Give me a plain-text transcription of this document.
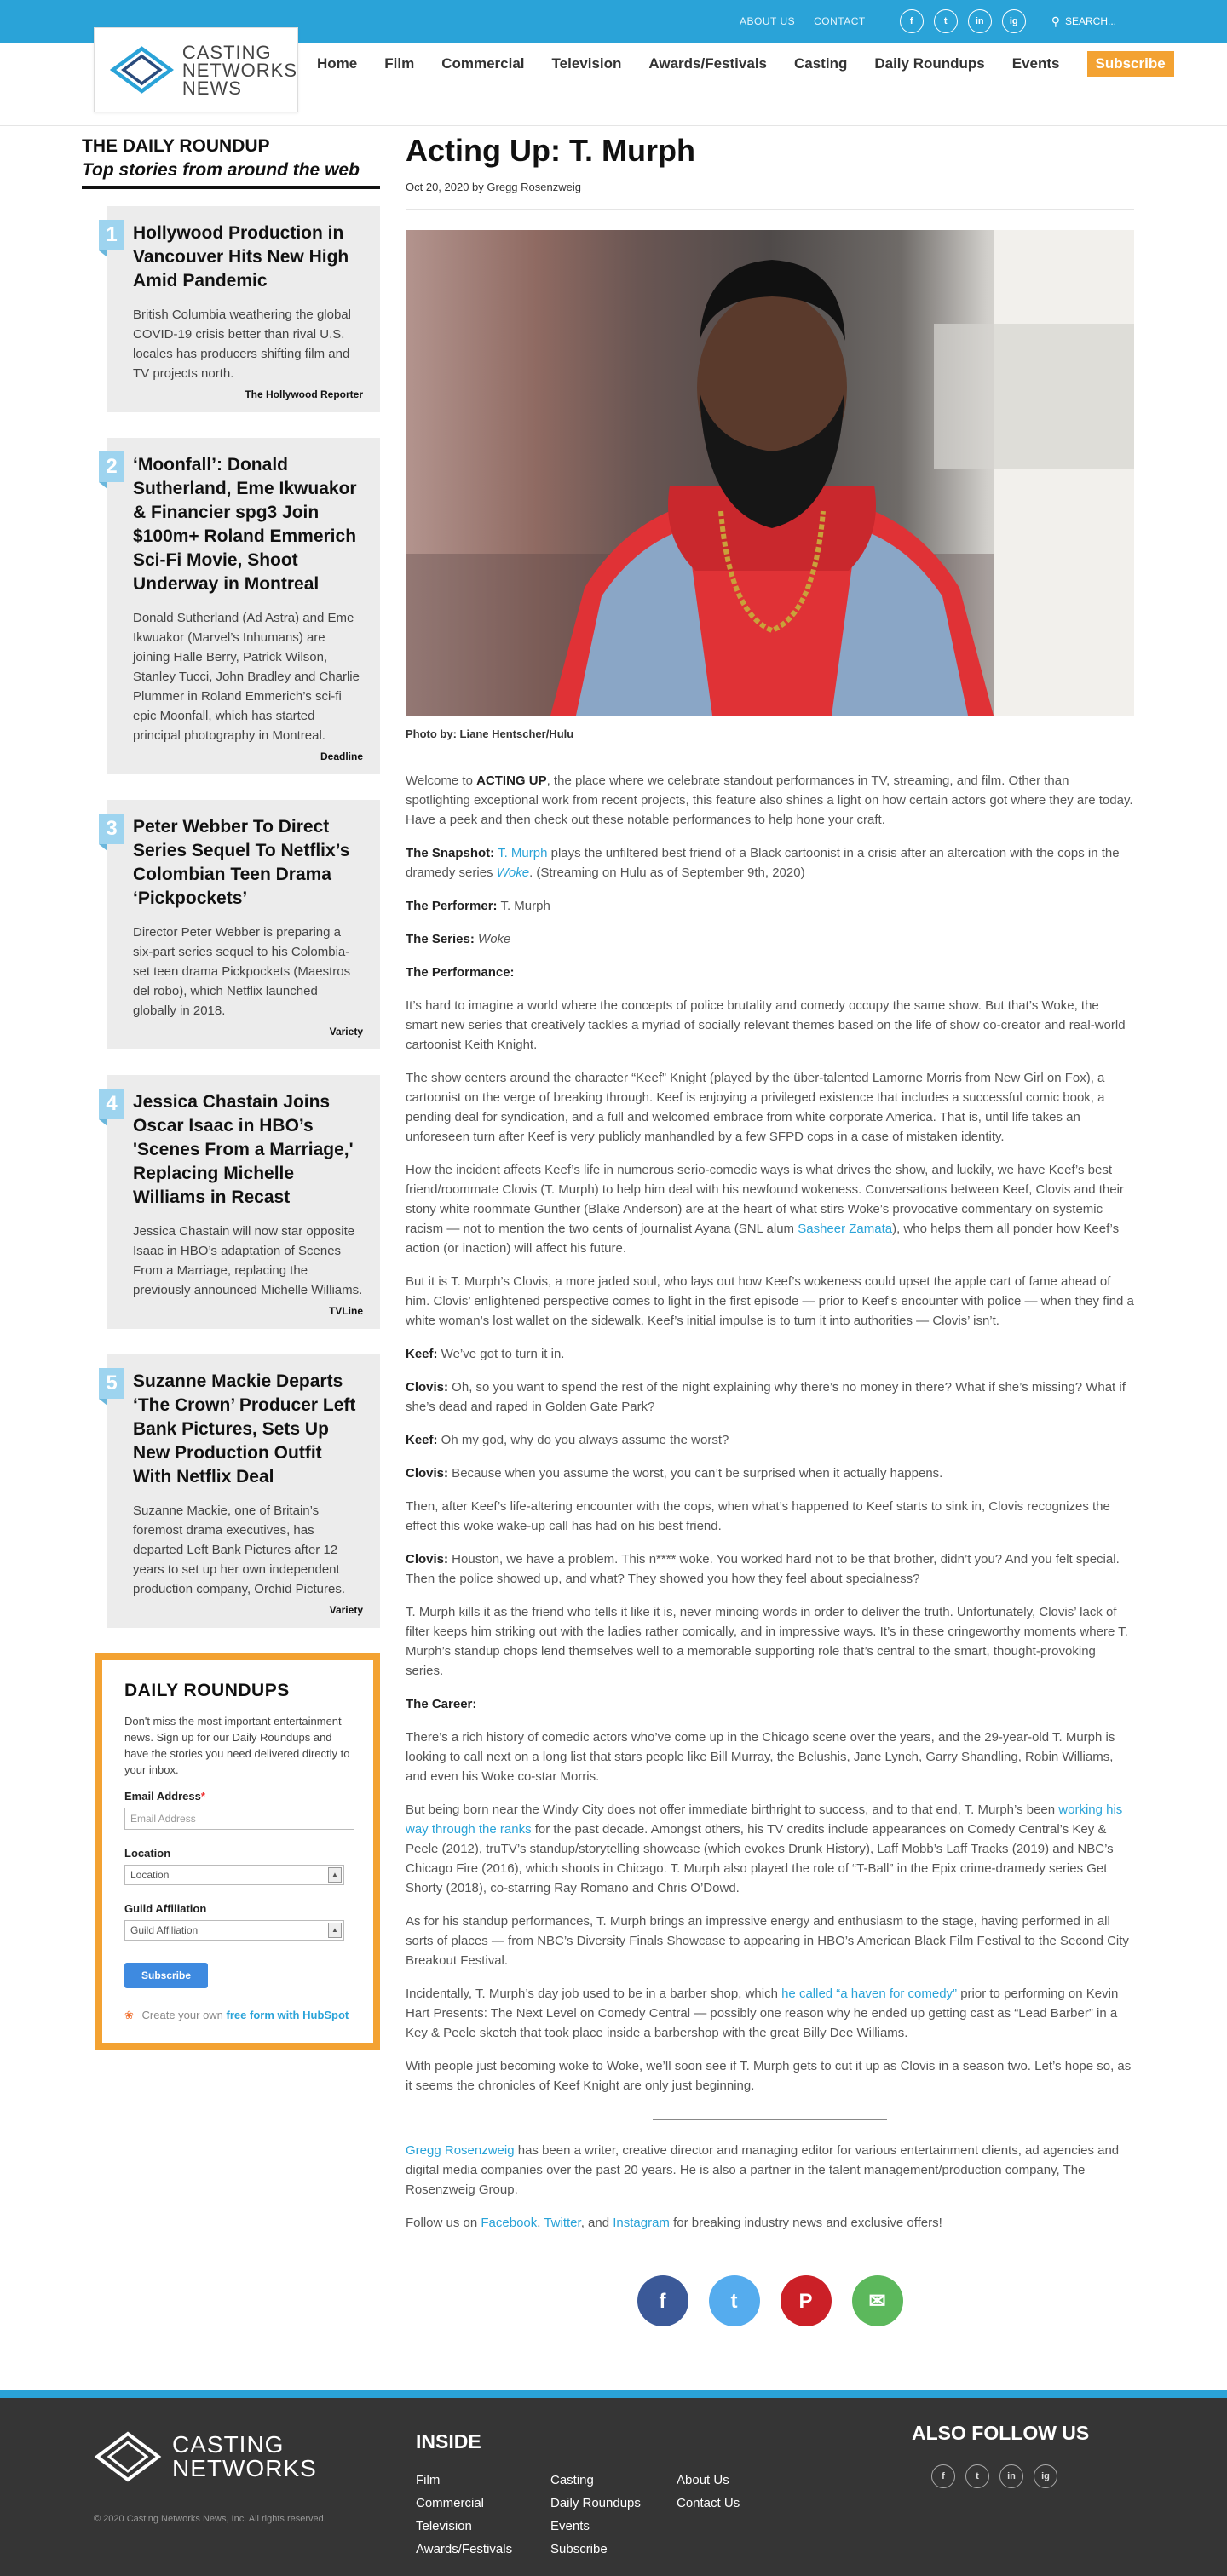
ABOUT US CONTACT	f	t	in	ig	⚲ SEARCH...
CASTING
NETWORKS
NEWS
Home Film Commercial Television Awards/Festivals Casting Daily Roundups Events	Subscribe
THE DAILY ROUNDUP
Top stories from around the web
1 Hollywood Production in Vancouver Hits New High Amid Pandemic

British Columbia weathering the global COVID-19 crisis better than rival U.S. locales has producers shifting film and TV projects north.

The Hollywood Reporter
2 ‘Moonfall’: Donald Sutherland, Eme Ikwuakor & Financier spg3 Join $100m+ Roland Emmerich Sci-Fi Movie, Shoot Underway in Montreal

Donald Sutherland (Ad Astra) and Eme Ikwuakor (Marvel’s Inhumans) are joining Halle Berry, Patrick Wilson, Stanley Tucci, John Bradley and Charlie Plummer in Roland Emmerich’s sci-fi epic Moonfall, which has started principal photography in Montreal.

Deadline
3 Peter Webber To Direct Series Sequel To Netflix’s Colombian Teen Drama ‘Pickpockets’

Director Peter Webber is preparing a six-part series sequel to his Colombia-set teen drama Pickpockets (Maestros del robo), which Netflix launched globally in 2018.

Variety
4 Jessica Chastain Joins Oscar Isaac in HBO’s 'Scenes From a Marriage,' Replacing Michelle Williams in Recast

Jessica Chastain will now star opposite Isaac in HBO’s adaptation of Scenes From a Marriage, replacing the previously announced Michelle Williams.

TVLine
5 Suzanne Mackie Departs ‘The Crown’ Producer Left Bank Pictures, Sets Up New Production Outfit With Netflix Deal

Suzanne Mackie, one of Britain’s foremost drama executives, has departed Left Bank Pictures after 12 years to set up her own independent production company, Orchid Pictures.

Variety
DAILY ROUNDUPS
Don't miss the most important entertainment news. Sign up for our Daily Roundups and have the stories you need delivered directly to your inbox.
Email Address*
Email Address
Location
Location	▲

Guild Affiliation
Guild Affiliation	▲
Subscribe
❀ Create your own free form with HubSpot
Acting Up: T. Murph
Oct 20, 2020 by Gregg Rosenzweig
Photo by: Liane Hentscher/Hulu

Welcome to ACTING UP, the place where we celebrate standout performances in TV, streaming, and film. Other than spotlighting exceptional work from recent projects, this feature also shines a light on how certain actors got where they are today. Have a peek and then check out these notable performances to help hone your craft.

The Snapshot: T. Murph plays the unfiltered best friend of a Black cartoonist in a crisis after an altercation with the cops in the dramedy series Woke. (Streaming on Hulu as of September 9th, 2020)

The Performer: T. Murph

The Series: Woke

The Performance:

It’s hard to imagine a world where the concepts of police brutality and comedy occupy the same show. But that’s Woke, the smart new series that creatively tackles a myriad of socially relevant themes based on the life of show co-creator and real-world cartoonist Keith Knight.

The show centers around the character “Keef” Knight (played by the über-talented Lamorne Morris from New Girl on Fox), a cartoonist on the verge of breaking through. Keef is enjoying a privileged existence that includes a successful comic book, a pending deal for syndication, and a full and welcomed embrace from white corporate America. That is, until life takes an unforeseen turn after Keef is very publicly manhandled by a few SFPD cops in a case of mistaken identity.

How the incident affects Keef’s life in numerous serio-comedic ways is what drives the show, and luckily, we have Keef’s best friend/roommate Clovis (T. Murph) to help him deal with his newfound wokeness. Conversations between Keef, Clovis and their stony white roommate Gunther (Blake Anderson) are at the heart of what stirs Woke’s provocative commentary on systemic racism — not to mention the two cents of journalist Ayana (SNL alum Sasheer Zamata), who helps them all ponder how Keef’s action (or inaction) will affect his future.

But it is T. Murph’s Clovis, a more jaded soul, who lays out how Keef’s wokeness could upset the apple cart of fame ahead of him. Clovis’ enlightened perspective comes to light in the first episode — prior to Keef’s encounter with police — when they find a white woman’s lost wallet on the sidewalk. Keef’s initial impulse is to turn it into authorities — Clovis’ isn’t.

Keef: We’ve got to turn it in.

Clovis: Oh, so you want to spend the rest of the night explaining why there’s no money in there? What if she’s missing? What if she’s dead and raped in Golden Gate Park?

Keef: Oh my god, why do you always assume the worst?

Clovis: Because when you assume the worst, you can’t be surprised when it actually happens.

Then, after Keef’s life-altering encounter with the cops, when what’s happened to Keef starts to sink in, Clovis recognizes the effect this woke wake-up call has had on his best friend.

Clovis: Houston, we have a problem. This n**** woke. You worked hard not to be that brother, didn’t you? And you felt special. Then the police showed up, and what? They showed you how they feel about specialness?

T. Murph kills it as the friend who tells it like it is, never mincing words in order to deliver the truth. Unfortunately, Clovis’ lack of filter keeps him striking out with the ladies rather comically, and in impressive ways. It’s in these cringeworthy moments where T. Murph’s standup chops lend themselves well to a memorable supporting role that’s central to the smart, thought-provoking series.

The Career:

There’s a rich history of comedic actors who’ve come up in the Chicago scene over the years, and the 29-year-old T. Murph is looking to call next on a long list that stars people like Bill Murray, the Belushis, Jane Lynch, Garry Shandling, Robin Williams, and even his Woke co-star Morris.

But being born near the Windy City does not offer immediate birthright to success, and to that end, T. Murph’s been working his way through the ranks for the past decade. Amongst others, his TV credits include appearances on Comedy Central’s Key & Peele (2012), truTV’s standup/storytelling showcase (which evokes Drunk History), Laff Mobb’s Laff Tracks (2019) and NBC’s Chicago Fire (2016), which shoots in Chicago. T. Murph also played the role of “T-Ball” in the Epix crime-dramedy series Get Shorty (2018), co-starring Ray Romano and Chris O’Dowd.

As for his standup performances, T. Murph brings an impressive energy and enthusiasm to the stage, having performed in all sorts of places — from NBC’s Diversity Finals Showcase to appearing in HBO’s American Black Film Festival to the Second City Breakout Festival.

Incidentally, T. Murph’s day job used to be in a barber shop, which he called “a haven for comedy” prior to performing on Kevin Hart Presents: The Next Level on Comedy Central — possibly one reason why he ended up getting cast as “Lead Barber” in a Key & Peele sketch that took place inside a barbershop with the great Billy Dee Williams.

With people just becoming woke to Woke, we’ll soon see if T. Murph gets to cut it up as Clovis in a season two. Let’s hope so, as it seems the chronicles of Keef Knight are only just beginning.

Gregg Rosenzweig has been a writer, creative director and managing editor for various entertainment clients, ad agencies and digital media companies over the past 20 years. He is also a partner in the talent management/production company, The Rosenzweig Group.

Follow us on Facebook, Twitter, and Instagram for breaking industry news and exclusive offers!

f	t	P	✉
CASTING
NETWORKS
© 2020 Casting Networks News, Inc. All rights reserved.
INSIDE
Film
Commercial
Television
Awards/Festivals
Casting
Daily Roundups
Events
Subscribe
About Us
Contact Us
ALSO FOLLOW US
f	t	in	ig
